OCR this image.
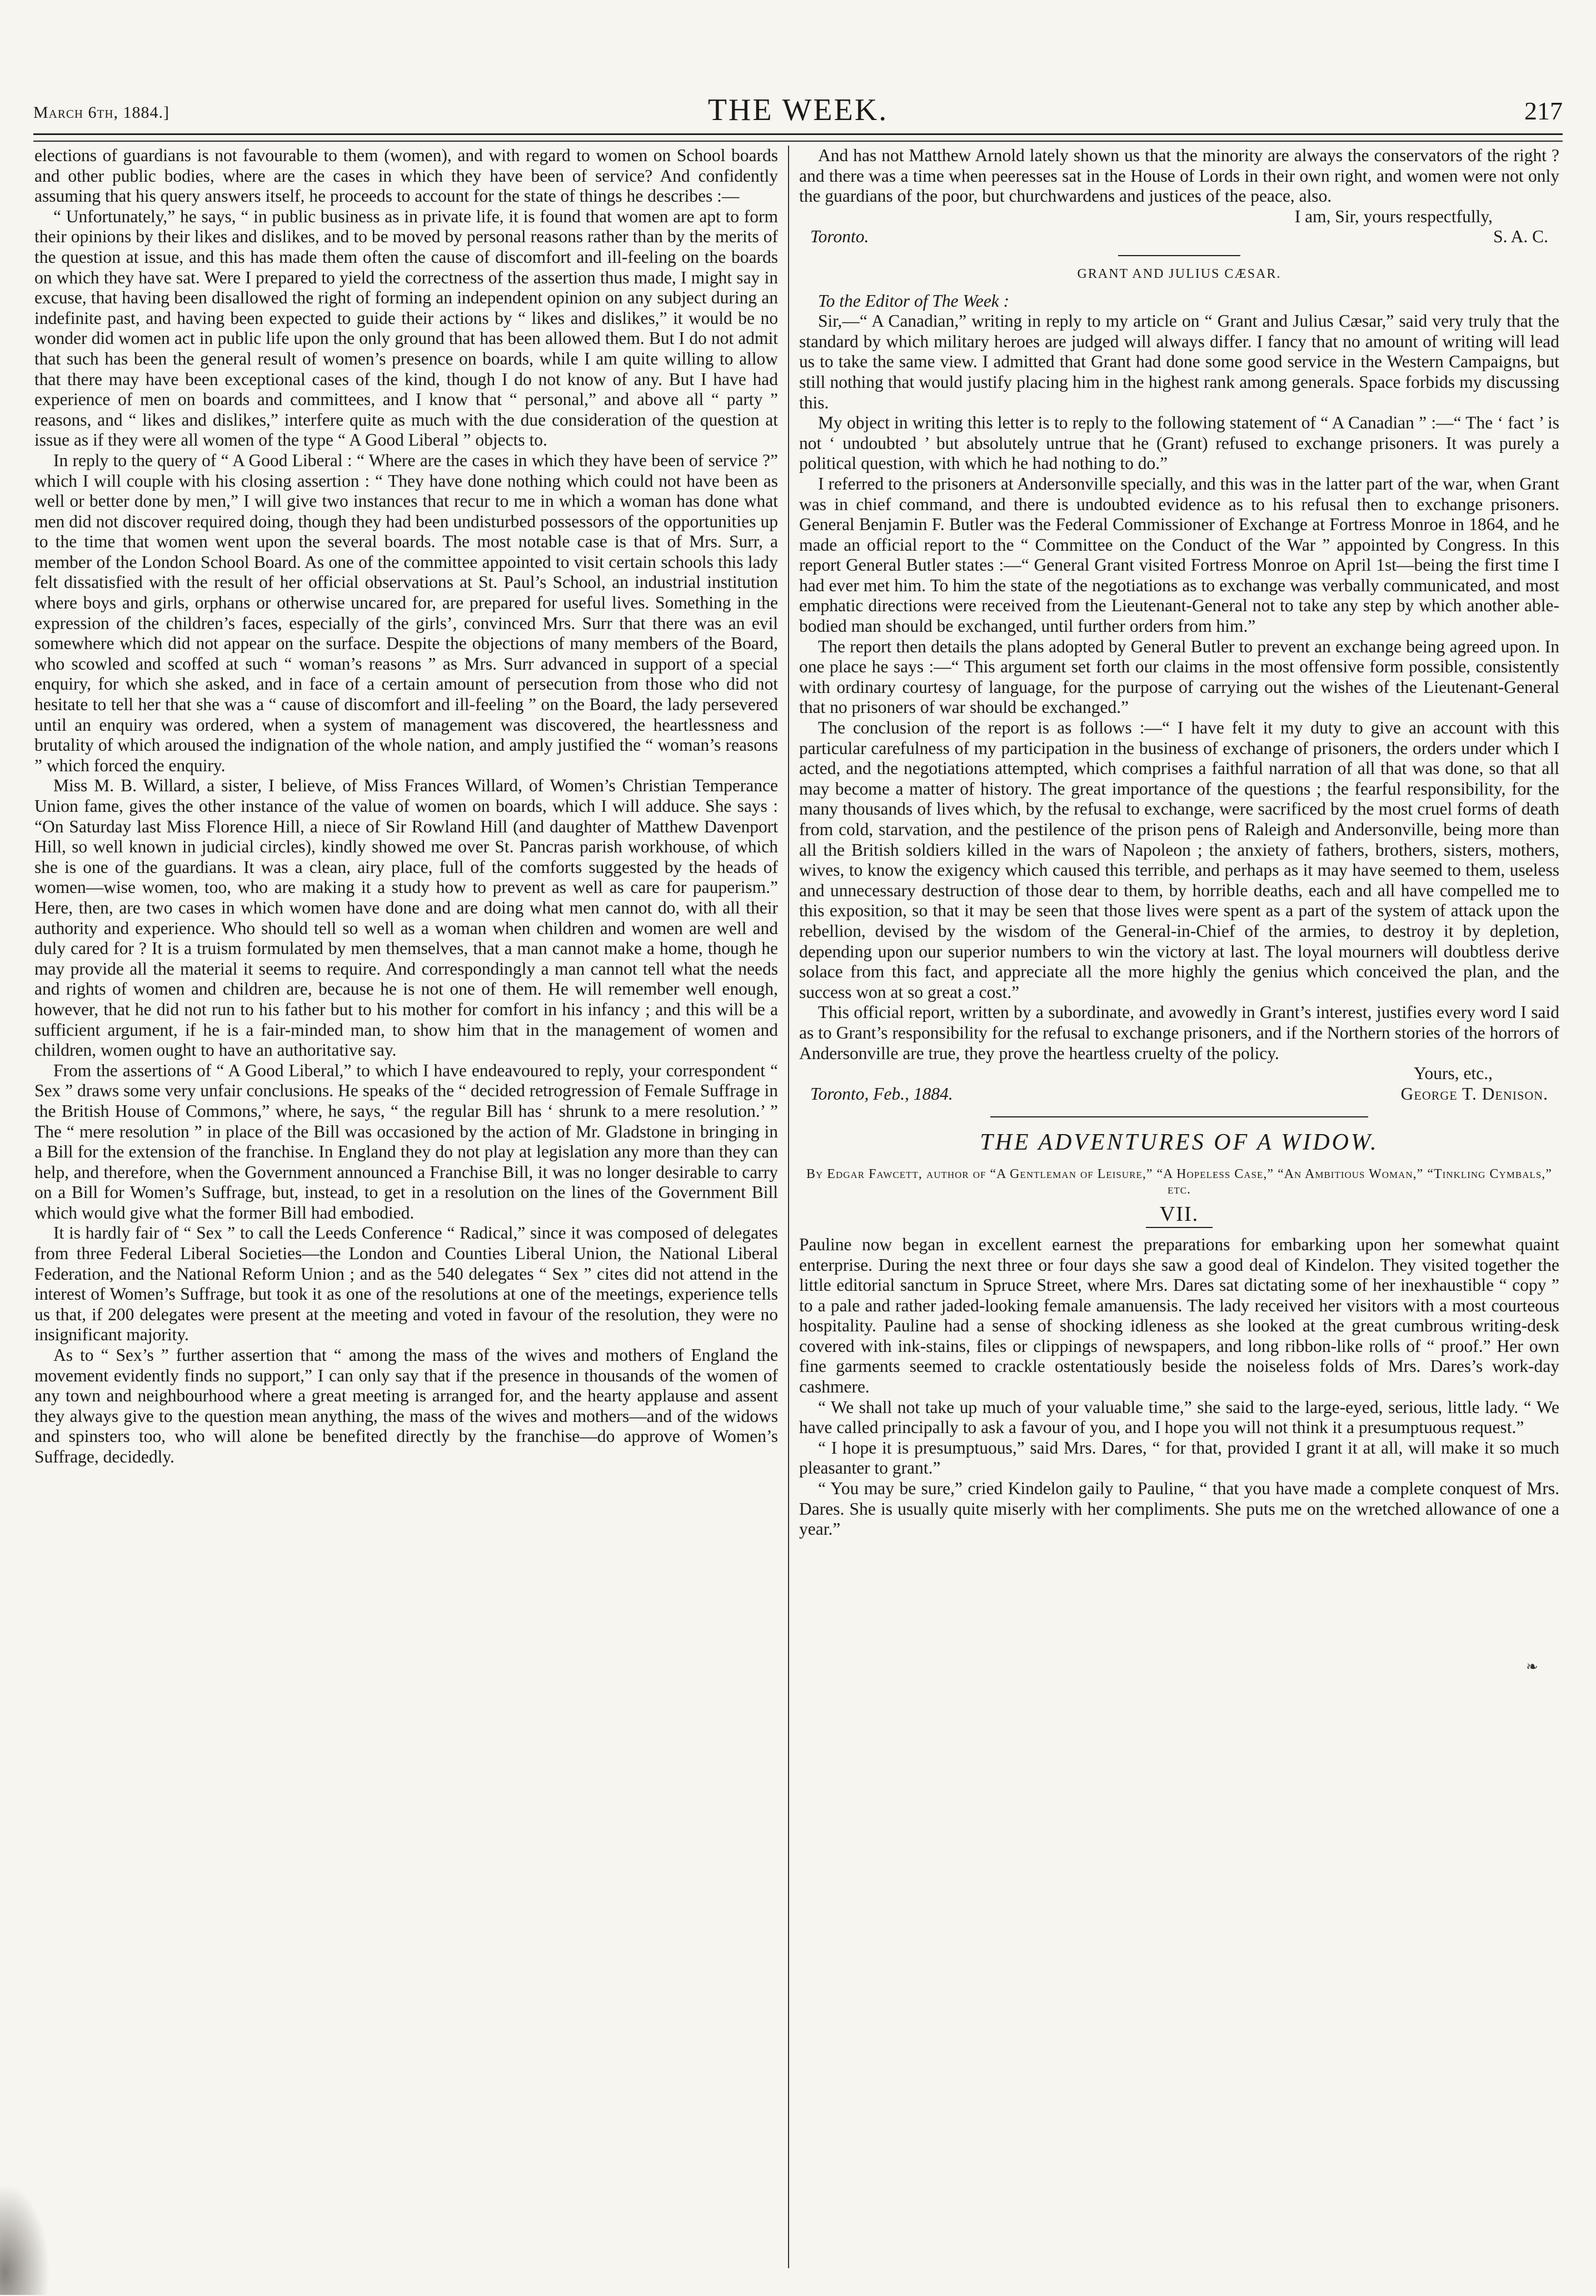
March 6th, 1884.]	THE WEEK.	217

elections of guardians is not favourable to them (women), and with regard to women on School boards and other public bodies, where are the cases in which they have been of service? And confidently assuming that his query answers itself, he proceeds to account for the state of things he describes :—

“ Unfortunately,” he says, “ in public business as in private life, it is found that women are apt to form their opinions by their likes and dislikes, and to be moved by personal reasons rather than by the merits of the question at issue, and this has made them often the cause of discomfort and ill-feeling on the boards on which they have sat. Were I prepared to yield the correctness of the assertion thus made, I might say in excuse, that having been disallowed the right of forming an independent opinion on any subject during an indefinite past, and having been expected to guide their actions by “ likes and dislikes,” it would be no wonder did women act in public life upon the only ground that has been allowed them. But I do not admit that such has been the general result of women’s presence on boards, while I am quite willing to allow that there may have been exceptional cases of the kind, though I do not know of any. But I have had experience of men on boards and committees, and I know that “ personal,” and above all “ party ” reasons, and “ likes and dislikes,” interfere quite as much with the due consideration of the question at issue as if they were all women of the type “ A Good Liberal ” objects to.

In reply to the query of “ A Good Liberal : “ Where are the cases in which they have been of service ?” which I will couple with his closing assertion : “ They have done nothing which could not have been as well or better done by men,” I will give two instances that recur to me in which a woman has done what men did not discover required doing, though they had been undisturbed possessors of the opportunities up to the time that women went upon the several boards. The most notable case is that of Mrs. Surr, a member of the London School Board. As one of the committee appointed to visit certain schools this lady felt dissatisfied with the result of her official observations at St. Paul’s School, an industrial institution where boys and girls, orphans or otherwise uncared for, are prepared for useful lives. Something in the expression of the children’s faces, especially of the girls’, convinced Mrs. Surr that there was an evil somewhere which did not appear on the surface. Despite the objections of many members of the Board, who scowled and scoffed at such “ woman’s reasons ” as Mrs. Surr advanced in support of a special enquiry, for which she asked, and in face of a certain amount of persecution from those who did not hesitate to tell her that she was a “ cause of discomfort and ill-feeling ” on the Board, the lady persevered until an enquiry was ordered, when a system of management was discovered, the heartlessness and brutality of which aroused the indignation of the whole nation, and amply justified the “ woman’s reasons ” which forced the enquiry.

Miss M. B. Willard, a sister, I believe, of Miss Frances Willard, of Women’s Christian Temperance Union fame, gives the other instance of the value of women on boards, which I will adduce. She says : “On Saturday last Miss Florence Hill, a niece of Sir Rowland Hill (and daughter of Matthew Davenport Hill, so well known in judicial circles), kindly showed me over St. Pancras parish workhouse, of which she is one of the guardians. It was a clean, airy place, full of the comforts suggested by the heads of women—wise women, too, who are making it a study how to prevent as well as care for pauperism.” Here, then, are two cases in which women have done and are doing what men cannot do, with all their authority and experience. Who should tell so well as a woman when children and women are well and duly cared for ? It is a truism formulated by men themselves, that a man cannot make a home, though he may provide all the material it seems to require. And correspondingly a man cannot tell what the needs and rights of women and children are, because he is not one of them. He will remember well enough, however, that he did not run to his father but to his mother for comfort in his infancy ; and this will be a sufficient argument, if he is a fair-minded man, to show him that in the management of women and children, women ought to have an authoritative say.

From the assertions of “ A Good Liberal,” to which I have endeavoured to reply, your correspondent “ Sex ” draws some very unfair conclusions. He speaks of the “ decided retrogression of Female Suffrage in the British House of Commons,” where, he says, “ the regular Bill has ‘ shrunk to a mere resolution.’ ” The “ mere resolution ” in place of the Bill was occasioned by the action of Mr. Gladstone in bringing in a Bill for the extension of the franchise. In England they do not play at legislation any more than they can help, and therefore, when the Government announced a Franchise Bill, it was no longer desirable to carry on a Bill for Women’s Suffrage, but, instead, to get in a resolution on the lines of the Government Bill which would give what the former Bill had embodied.

It is hardly fair of “ Sex ” to call the Leeds Conference “ Radical,” since it was composed of delegates from three Federal Liberal Societies—the London and Counties Liberal Union, the National Liberal Federation, and the National Reform Union ; and as the 540 delegates “ Sex ” cites did not attend in the interest of Women’s Suffrage, but took it as one of the resolutions at one of the meetings, experience tells us that, if 200 delegates were present at the meeting and voted in favour of the resolution, they were no insignificant majority.

As to “ Sex’s ” further assertion that “ among the mass of the wives and mothers of England the movement evidently finds no support,” I can only say that if the presence in thousands of the women of any town and neighbourhood where a great meeting is arranged for, and the hearty applause and assent they always give to the question mean anything, the mass of the wives and mothers—and of the widows and spinsters too, who will alone be benefited directly by the franchise—do approve of Women’s Suffrage, decidedly.

And has not Matthew Arnold lately shown us that the minority are always the conservators of the right ? and there was a time when peeresses sat in the House of Lords in their own right, and women were not only the guardians of the poor, but churchwardens and justices of the peace, also.

I am, Sir, yours respectfully,
Toronto.	S. A. C.
GRANT AND JULIUS CÆSAR.

To the Editor of The Week :

Sir,—“ A Canadian,” writing in reply to my article on “ Grant and Julius Cæsar,” said very truly that the standard by which military heroes are judged will always differ. I fancy that no amount of writing will lead us to take the same view. I admitted that Grant had done some good service in the Western Campaigns, but still nothing that would justify placing him in the highest rank among generals. Space forbids my discussing this.

My object in writing this letter is to reply to the following statement of “ A Canadian ” :—“ The ‘ fact ’ is not ‘ undoubted ’ but absolutely untrue that he (Grant) refused to exchange prisoners. It was purely a political question, with which he had nothing to do.”

I referred to the prisoners at Andersonville specially, and this was in the latter part of the war, when Grant was in chief command, and there is undoubted evidence as to his refusal then to exchange prisoners. General Benjamin F. Butler was the Federal Commissioner of Exchange at Fortress Monroe in 1864, and he made an official report to the “ Committee on the Conduct of the War ” appointed by Congress. In this report General Butler states :—“ General Grant visited Fortress Monroe on April 1st—being the first time I had ever met him. To him the state of the negotiations as to exchange was verbally communicated, and most emphatic directions were received from the Lieutenant-General not to take any step by which another able-bodied man should be exchanged, until further orders from him.”

The report then details the plans adopted by General Butler to prevent an exchange being agreed upon. In one place he says :—“ This argument set forth our claims in the most offensive form possible, consistently with ordinary courtesy of language, for the purpose of carrying out the wishes of the Lieutenant-General that no prisoners of war should be exchanged.”

The conclusion of the report is as follows :—“ I have felt it my duty to give an account with this particular carefulness of my participation in the business of exchange of prisoners, the orders under which I acted, and the negotiations attempted, which comprises a faithful narration of all that was done, so that all may become a matter of history. The great importance of the questions ; the fearful responsibility, for the many thousands of lives which, by the refusal to exchange, were sacrificed by the most cruel forms of death from cold, starvation, and the pestilence of the prison pens of Raleigh and Andersonville, being more than all the British soldiers killed in the wars of Napoleon ; the anxiety of fathers, brothers, sisters, mothers, wives, to know the exigency which caused this terrible, and perhaps as it may have seemed to them, useless and unnecessary destruction of those dear to them, by horrible deaths, each and all have compelled me to this exposition, so that it may be seen that those lives were spent as a part of the system of attack upon the rebellion, devised by the wisdom of the General-in-Chief of the armies, to destroy it by depletion, depending upon our superior numbers to win the victory at last. The loyal mourners will doubtless derive solace from this fact, and appreciate all the more highly the genius which conceived the plan, and the success won at so great a cost.”

This official report, written by a subordinate, and avowedly in Grant’s interest, justifies every word I said as to Grant’s responsibility for the refusal to exchange prisoners, and if the Northern stories of the horrors of Andersonville are true, they prove the heartless cruelty of the policy.

Yours, etc.,
Toronto, Feb., 1884.	George T. Denison.
THE ADVENTURES OF A WIDOW.
By Edgar Fawcett, author of “A Gentleman of Leisure,” “A Hopeless Case,” “An Ambitious Woman,” “Tinkling Cymbals,” etc.
VII.

Pauline now began in excellent earnest the preparations for embarking upon her somewhat quaint enterprise. During the next three or four days she saw a good deal of Kindelon. They visited together the little editorial sanctum in Spruce Street, where Mrs. Dares sat dictating some of her inexhaustible “ copy ” to a pale and rather jaded-looking female amanuensis. The lady received her visitors with a most courteous hospitality. Pauline had a sense of shocking idleness as she looked at the great cumbrous writing-desk covered with ink-stains, files or clippings of newspapers, and long ribbon-like rolls of “ proof.” Her own fine garments seemed to crackle ostentatiously beside the noiseless folds of Mrs. Dares’s work-day cashmere.

“ We shall not take up much of your valuable time,” she said to the large-eyed, serious, little lady. “ We have called principally to ask a favour of you, and I hope you will not think it a presumptuous request.”

“ I hope it is presumptuous,” said Mrs. Dares, “ for that, provided I grant it at all, will make it so much pleasanter to grant.”

“ You may be sure,” cried Kindelon gaily to Pauline, “ that you have made a complete conquest of Mrs. Dares. She is usually quite miserly with her compliments. She puts me on the wretched allowance of one a year.”

❧
